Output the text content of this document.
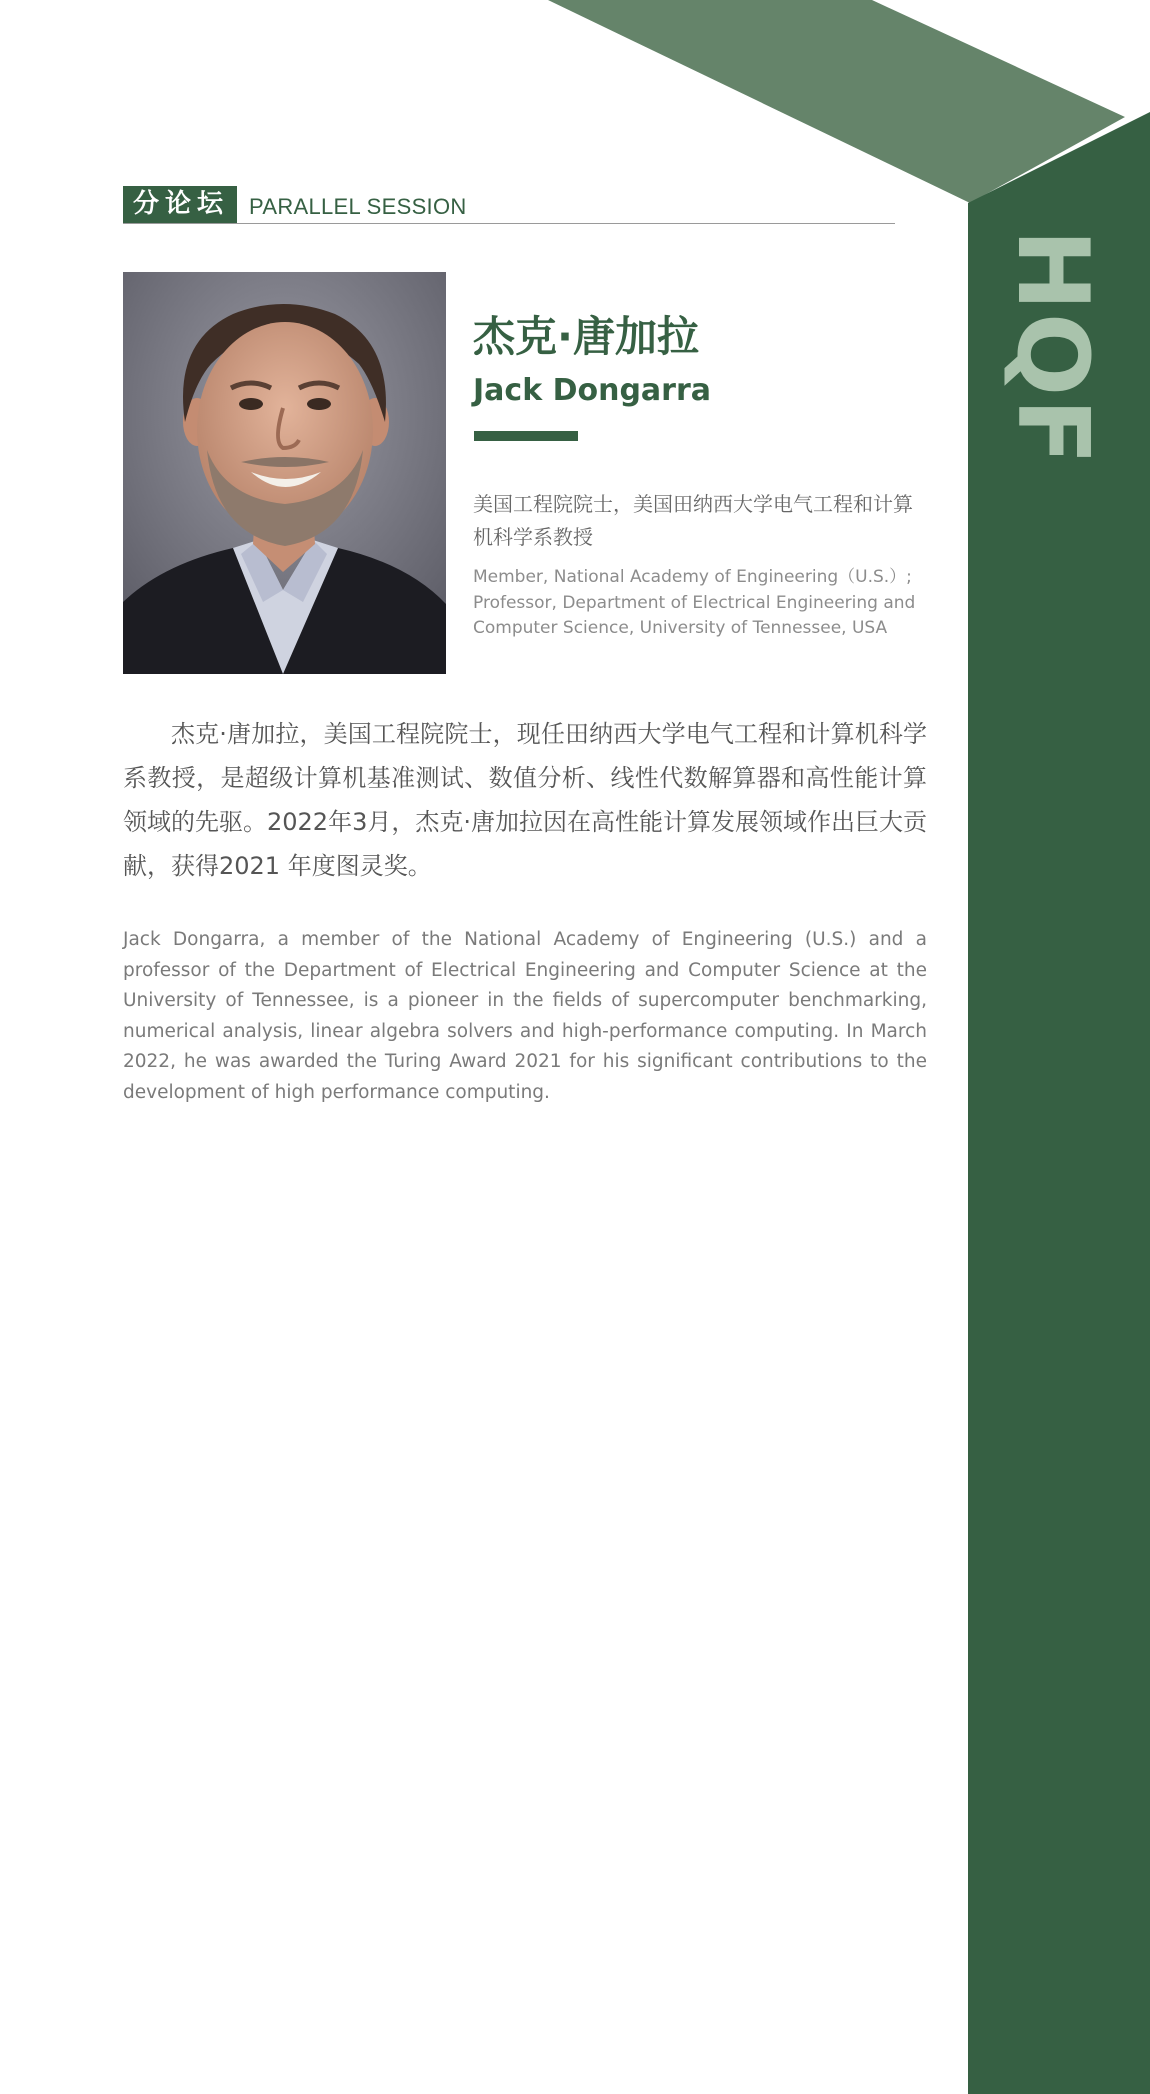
HQF
分论坛 PARALLEL SESSION
杰克·唐加拉
Jack Dongarra
美国工程院院士，美国田纳西大学电气工程和计算机科学系教授
Member, National Academy of Engineering（U.S.）; Professor, Department of Electrical Engineering and Computer Science, University of Tennessee, USA

杰克·唐加拉，美国工程院院士，现任田纳西大学电气工程和计算机科学系教授，是超级计算机基准测试、数值分析、线性代数解算器和高性能计算领域的先驱。2022年3月，杰克·唐加拉因在高性能计算发展领域作出巨大贡献，获得2021 年度图灵奖。

Jack Dongarra, a member of the National Academy of Engineering (U.S.) and a professor of the Department of Electrical Engineering and Computer Science at the University of Tennessee, is a pioneer in the fields of supercomputer benchmarking, numerical analysis, linear algebra solvers and high-performance computing. In March 2022, he was awarded the Turing Award 2021 for his significant contributions to the development of high performance computing.
